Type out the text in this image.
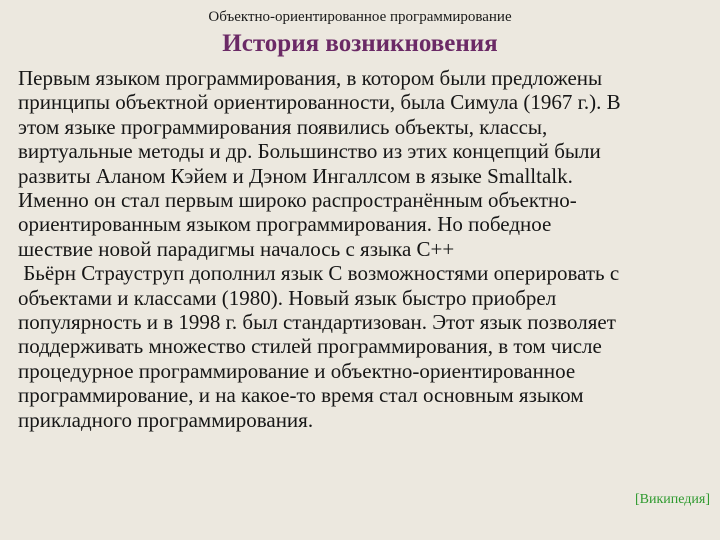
Объектно-ориентированное программирование
История возникновения

Первым языком программирования, в котором были предложены
принципы объектной ориентированности, была Симула (1967 г.). В
этом языке программирования появились объекты, классы,
виртуальные методы и др. Большинство из этих концепций были
развиты Аланом Кэйем и Дэном Ингаллсом в языке Smalltalk.
Именно он стал первым широко распространённым объектно-
ориентированным языком программирования. Но победное
шествие новой парадигмы началось с языка С++

Бьёрн Страуструп дополнил язык С возможностями оперировать с
объектами и классами (1980). Новый язык быстро приобрел
популярность и в 1998 г. был стандартизован. Этот язык позволяет
поддерживать множество стилей программирования, в том числе
процедурное программирование и объектно-ориентированное
программирование, и на какое-то время стал основным языком
прикладного программирования.

[Википедия]
